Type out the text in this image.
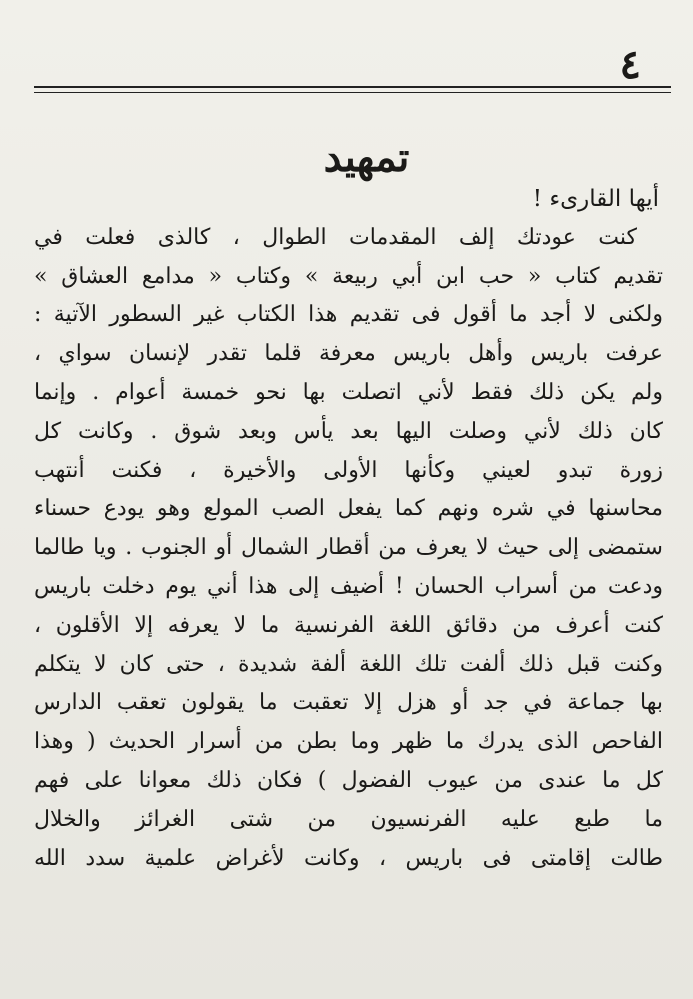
٤
تمهيد
أيها القارىء !
كنت عودتك إلف المقدمات الطوال ، كالذى فعلت في
تقديم كتاب « حب ابن أبي ربيعة » وكتاب « مدامع العشاق »
ولكنى لا أجد ما أقول فى تقديم هذا الكتاب غير السطور الآتية :
عرفت باريس وأهل باريس معرفة قلما تقدر لإنسان سواي ،
ولم يكن ذلك فقط لأني اتصلت بها نحو خمسة أعوام . وإنما
كان ذلك لأني وصلت اليها بعد يأس وبعد شوق . وكانت كل
زورة تبدو لعيني وكأنها الأولى والأخيرة ، فكنت أنتهب
محاسنها في شره ونهم كما يفعل الصب المولع وهو يودع حسناء
ستمضى إلى حيث لا يعرف من أقطار الشمال أو الجنوب . ويا طالما
ودعت من أسراب الحسان ! أضيف إلى هذا أني يوم دخلت باريس
كنت أعرف من دقائق اللغة الفرنسية ما لا يعرفه إلا الأقلون ،
وكنت قبل ذلك ألفت تلك اللغة ألفة شديدة ، حتى كان لا يتكلم
بها جماعة في جد أو هزل إلا تعقبت ما يقولون تعقب الدارس
الفاحص الذى يدرك ما ظهر وما بطن من أسرار الحديث ( وهذا
كل ما عندى من عيوب الفضول ) فكان ذلك معوانا على فهم
ما طبع عليه الفرنسيون من شتى الغرائز والخلال
طالت إقامتى فى باريس ، وكانت لأغراض علمية سدد الله
